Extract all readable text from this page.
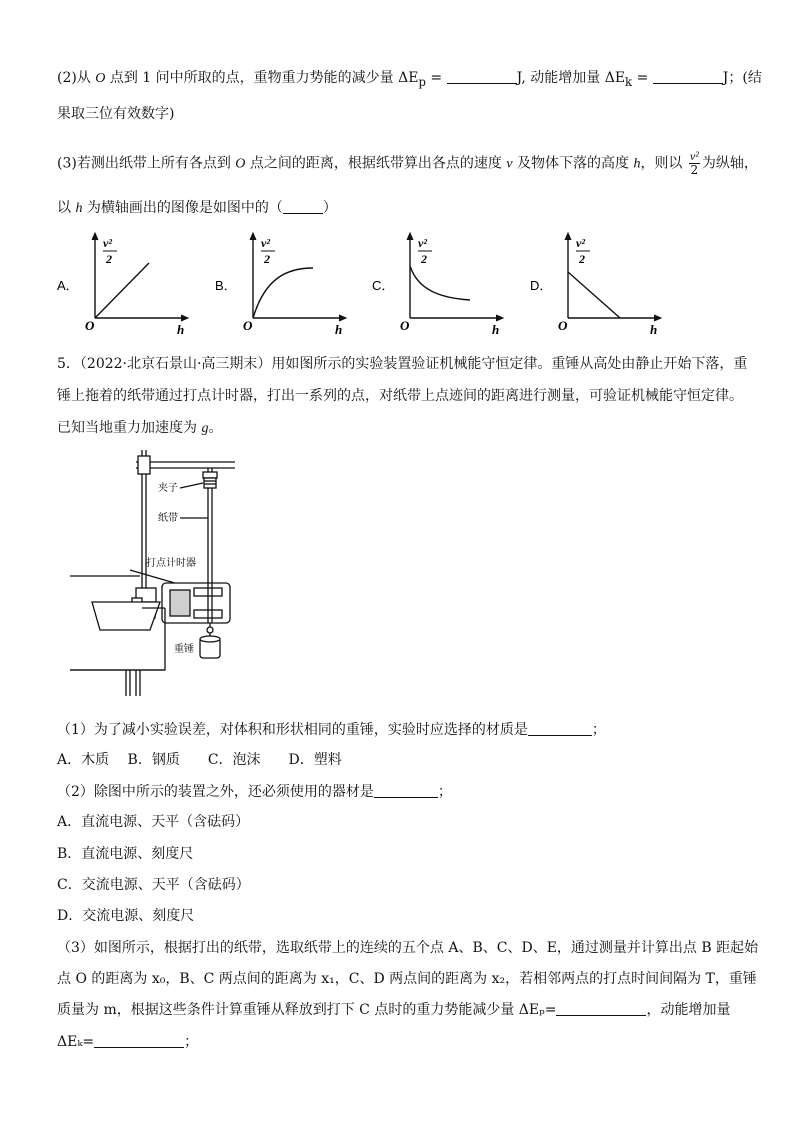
(2)从 O 点到 1 问中所取的点，重物重力势能的减少量 $\Delta E_p$ =	J, 动能增加量 $\Delta E_k$ =	J；(结
果取三位有效数字)
(3)若测出纸带上所有各点到 O 点之间的距离，根据纸带算出各点的速度 v 及物体下落的高度 h，则以 $\frac{\text{v²}}{2}$ 为纵轴，
以 h 为横轴画出的图像是如图中的（	）
A．
v²
2
h
O
B．
v²
2
h
O
C．
v²
2
h
O
D．
v²
2
h
O
5．（2022·北京石景山·高三期末）用如图所示的实验装置验证机械能守恒定律。重锤从高处由静止开始下落，重
锤上拖着的纸带通过打点计时器，打出一系列的点，对纸带上点迹间的距离进行测量，可验证机械能守恒定律。
已知当地重力加速度为 g。
夹子
纸带
打点计时器
重锤
（1）为了减小实验误差，对体积和形状相同的重锤，实验时应选择的材质是	；
A．木质　 B．钢质　　C．泡沫　　D．塑料
（2）除图中所示的装置之外，还必须使用的器材是	；
A．直流电源、天平（含砝码）
B．直流电源、刻度尺
C．交流电源、天平（含砝码）
D．交流电源、刻度尺
（3）如图所示，根据打出的纸带，选取纸带上的连续的五个点 A、B、C、D、E，通过测量并计算出点 B 距起始
点 O 的距离为 x₀，B、C 两点间的距离为 x₁，C、D 两点间的距离为 x₂，若相邻两点的打点时间间隔为 T，重锤
质量为 m，根据这些条件计算重锤从释放到打下 C 点时的重力势能减少量 ΔEₚ=	，动能增加量
ΔEₖ=	；
